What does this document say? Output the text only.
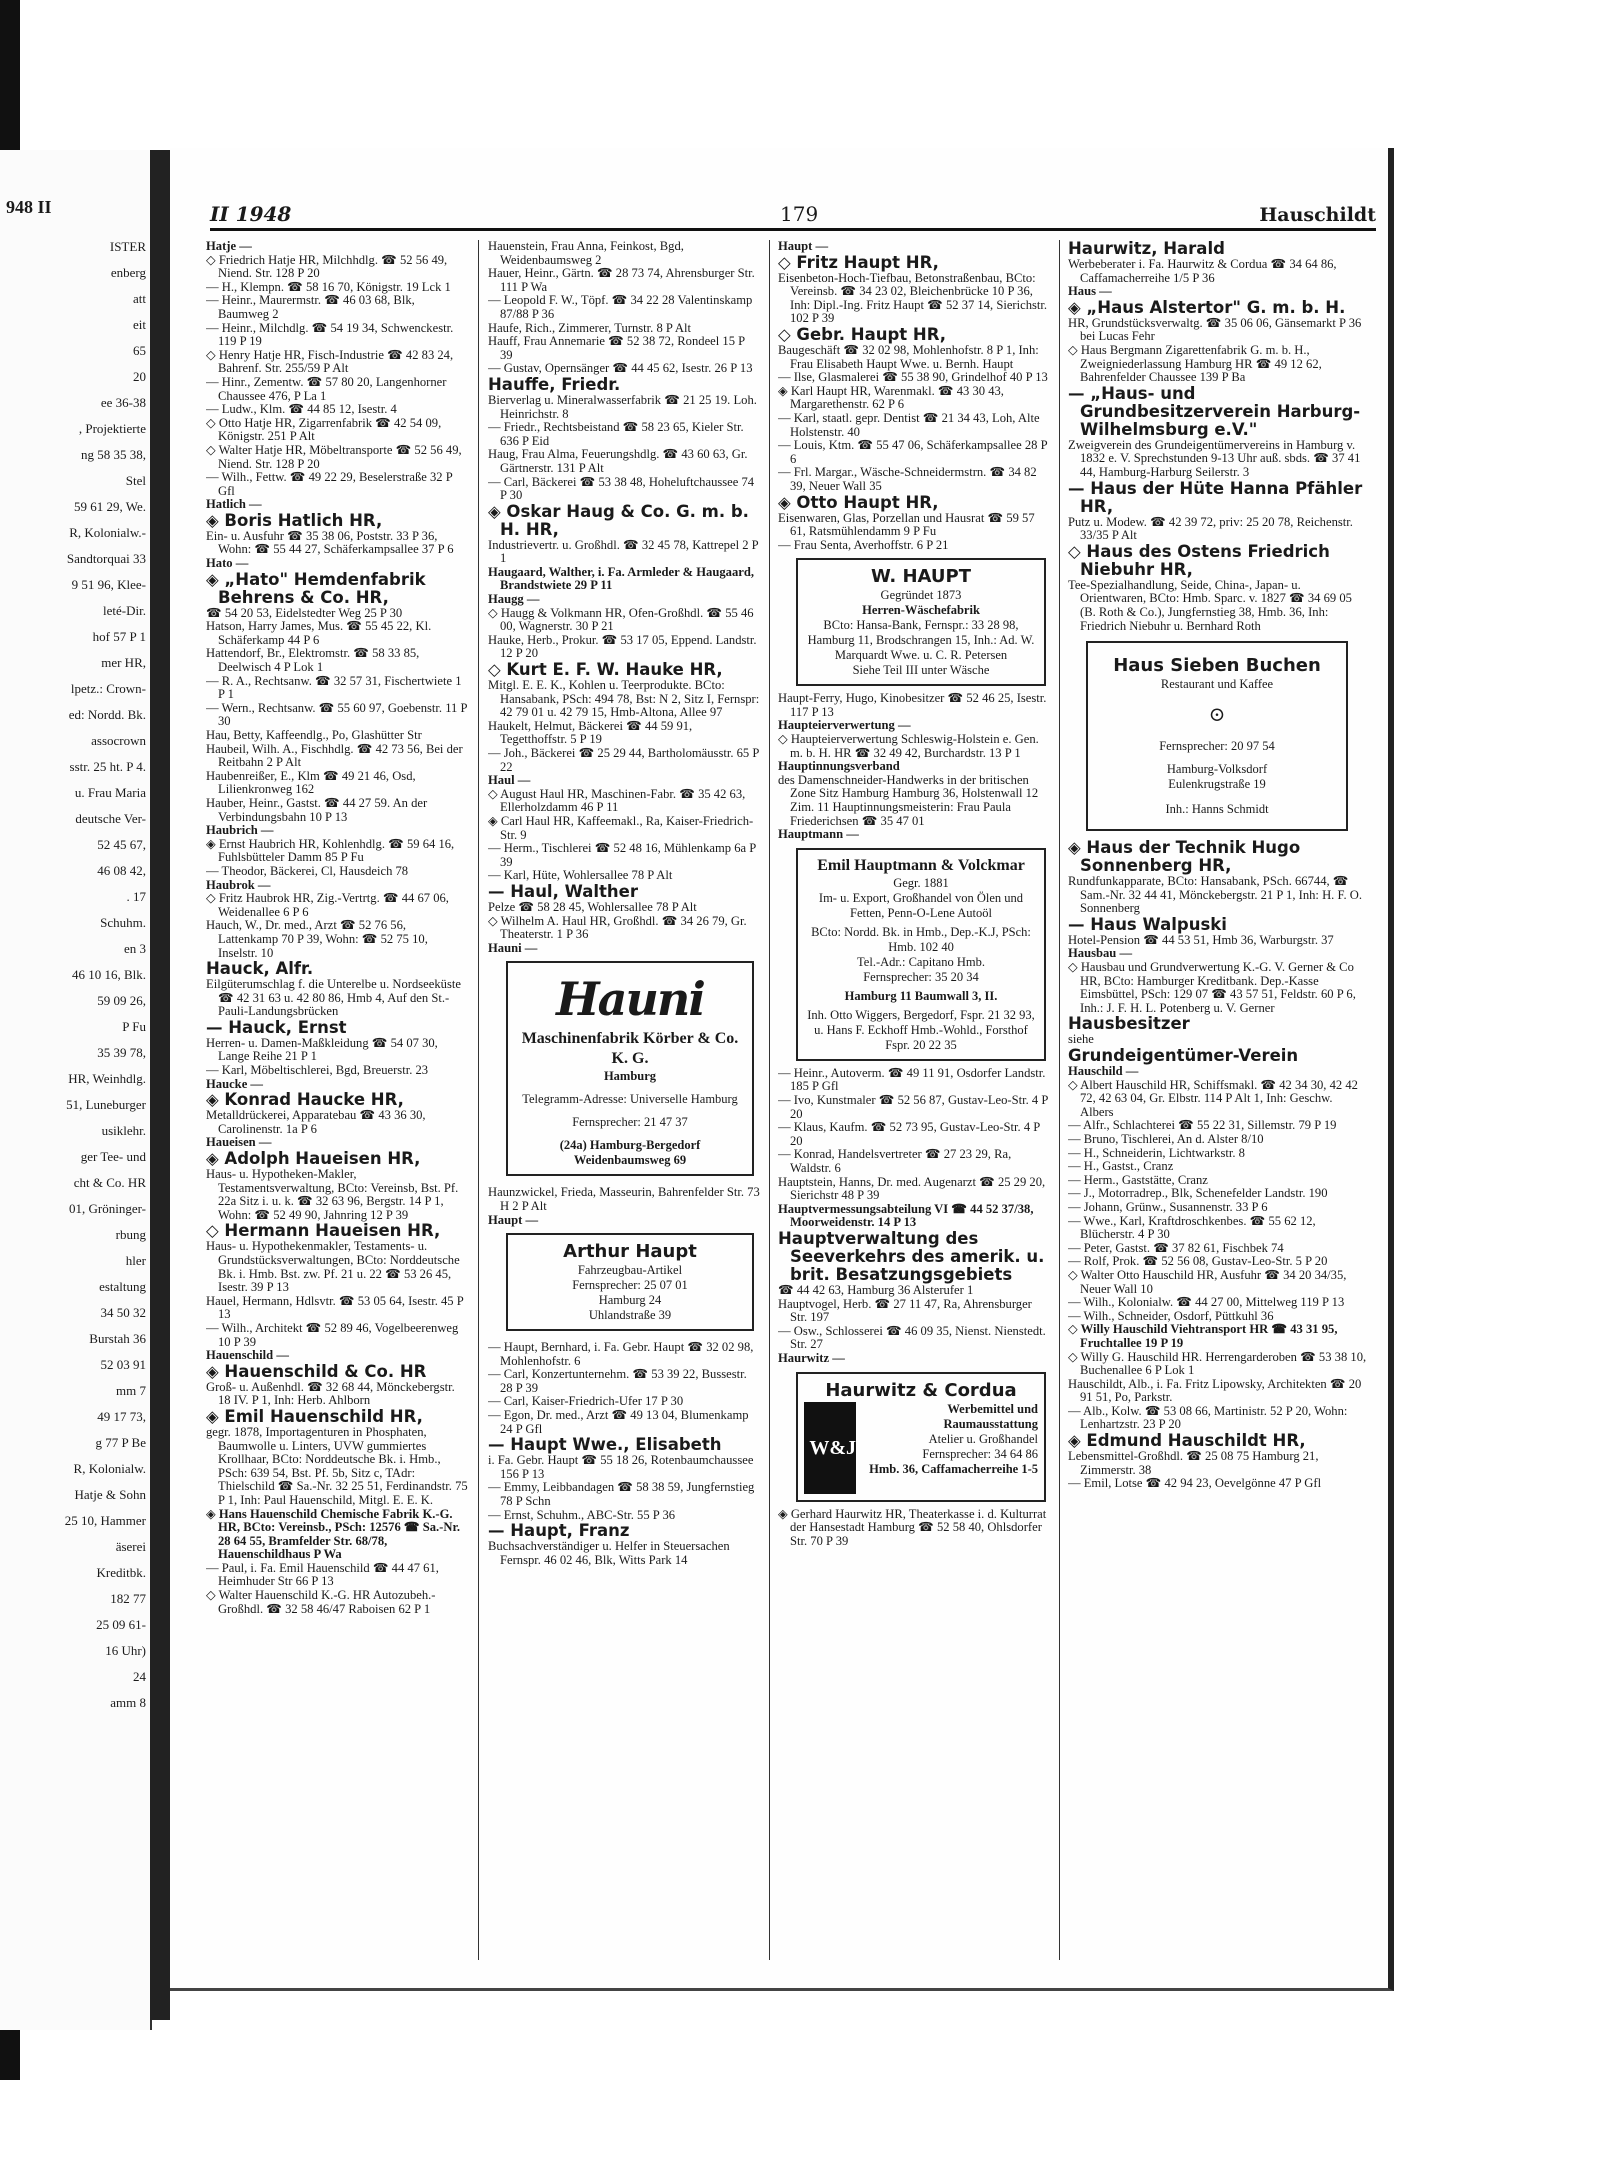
948 II
ISTER
enberg
att
eit
65
20
ee 36-38
, Projektierte
ng 58 35 38,
Stel
59 61 29, We.
R, Kolonialw.-
Sandtorquai 33
9 51 96, Klee-
leté-Dir.
hof 57 P 1
mer HR,
lpetz.: Crown-
ed: Nordd. Bk.
assocrown
sstr. 25 ht. P 4.
u. Frau Maria
deutsche Ver-
52 45 67,
46 08 42,
. 17
Schuhm.
en 3
46 10 16, Blk.
59 09 26,
P Fu
35 39 78,
HR, Weinhdlg.
51, Luneburger
usiklehr.
ger Tee- und
cht & Co. HR
01, Gröninger-
rbung
hler
estaltung
34 50 32
Burstah 36
52 03 91
mm 7
49 17 73,
g 77 P Be
R, Kolonialw.
Hatje & Sohn
25 10, Hammer
äserei
Kreditbk.
182 77
25 09 61-
16 Uhr)
24
amm 8
II 1948	179	Hauschildt

Hatje —

◇ Friedrich Hatje HR, Milchhdlg. ☎ 52 56 49, Niend. Str. 128 P 20

— H., Klempn. ☎ 58 16 70, Königstr. 19 Lck 1

— Heinr., Maurermstr. ☎ 46 03 68, Blk, Baumweg 2

— Heinr., Milchdlg. ☎ 54 19 34, Schwenckestr. 119 P 19

◇ Henry Hatje HR, Fisch-Industrie ☎ 42 83 24, Bahrenf. Str. 255/59 P Alt

— Hinr., Zementw. ☎ 57 80 20, Langenhorner Chaussee 476, P La 1

— Ludw., Klm. ☎ 44 85 12, Isestr. 4

◇ Otto Hatje HR, Zigarrenfabrik ☎ 42 54 09, Königstr. 251 P Alt

◇ Walter Hatje HR, Möbeltransporte ☎ 52 56 49, Niend. Str. 128 P 20

— Wilh., Fettw. ☎ 49 22 29, Beselerstraße 32 P Gfl

Hatlich —

◈ Boris Hatlich HR,

Ein- u. Ausfuhr ☎ 35 38 06, Poststr. 33 P 36, Wohn: ☎ 55 44 27, Schäferkampsallee 37 P 6

Hato —

◈ „Hato" Hemdenfabrik Behrens & Co. HR,

☎ 54 20 53, Eidelstedter Weg 25 P 30

Hatson, Harry James, Mus. ☎ 55 45 22, Kl. Schäferkamp 44 P 6

Hattendorf, Br., Elektromstr. ☎ 58 33 85, Deelwisch 4 P Lok 1

— R. A., Rechtsanw. ☎ 32 57 31, Fischertwiete 1 P 1

— Wern., Rechtsanw. ☎ 55 60 97, Goebenstr. 11 P 30

Hau, Betty, Kaffeendlg., Po, Glashütter Str

Haubeil, Wilh. A., Fischhdlg. ☎ 42 73 56, Bei der Reitbahn 2 P Alt

Haubenreißer, E., Klm ☎ 49 21 46, Osd, Lilienkronweg 162

Hauber, Heinr., Gastst. ☎ 44 27 59. An der Verbindungsbahn 10 P 13

Haubrich —

◈ Ernst Haubrich HR, Kohlenhdlg. ☎ 59 64 16, Fuhlsbütteler Damm 85 P Fu

— Theodor, Bäckerei, Cl, Hausdeich 78

Haubrok —

◇ Fritz Haubrok HR, Zig.-Vertrtg. ☎ 44 67 06, Weidenallee 6 P 6

Hauch, W., Dr. med., Arzt ☎ 52 76 56, Lattenkamp 70 P 39, Wohn: ☎ 52 75 10, Inselstr. 10

Hauck, Alfr.

Eilgüterumschlag f. die Unterelbe u. Nordseeküste ☎ 42 31 63 u. 42 80 86, Hmb 4, Auf den St.-Pauli-Landungsbrücken

— Hauck, Ernst

Herren- u. Damen-Maßkleidung ☎ 54 07 30, Lange Reihe 21 P 1

— Karl, Möbeltischlerei, Bgd, Breuerstr. 23

Haucke —

◈ Konrad Haucke HR,

Metalldrückerei, Apparatebau ☎ 43 36 30, Carolinenstr. 1a P 6

Haueisen —

◈ Adolph Haueisen HR,

Haus- u. Hypotheken-Makler, Testamentsverwaltung, BCto: Vereinsb, Bst. Pf. 22a Sitz i. u. k. ☎ 32 63 96, Bergstr. 14 P 1, Wohn: ☎ 52 49 90, Jahnring 12 P 39

◇ Hermann Haueisen HR,

Haus- u. Hypothekenmakler, Testaments- u. Grundstücksverwaltungen, BCto: Norddeutsche Bk. i. Hmb. Bst. zw. Pf. 21 u. 22 ☎ 53 26 45, Isestr. 39 P 13

Hauel, Hermann, Hdlsvtr. ☎ 53 05 64, Isestr. 45 P 13

— Wilh., Architekt ☎ 52 89 46, Vogelbeerenweg 10 P 39

Hauenschild —

◈ Hauenschild & Co. HR

Groß- u. Außenhdl. ☎ 32 68 44, Mönckebergstr. 18 IV. P 1, Inh: Herb. Ahlborn

◈ Emil Hauenschild HR,

gegr. 1878, Importagenturen in Phosphaten, Baumwolle u. Linters, UVW gummiertes Krollhaar, BCto: Norddeutsche Bk. i. Hmb., PSch: 639 54, Bst. Pf. 5b, Sitz c, TAdr: Thielschild ☎ Sa.-Nr. 32 25 51, Ferdinandstr. 75 P 1, Inh: Paul Hauenschild, Mitgl. E. E. K.

◈ Hans Hauenschild Chemische Fabrik K.-G. HR, BCto: Vereinsb., PSch: 12576 ☎ Sa.-Nr. 28 64 55, Bramfelder Str. 68/78, Hauenschildhaus P Wa

— Paul, i. Fa. Emil Hauenschild ☎ 44 47 61, Heimhuder Str 66 P 13

◇ Walter Hauenschild K.-G. HR Autozubeh.-Großhdl. ☎ 32 58 46/47 Raboisen 62 P 1

Hauenstein, Frau Anna, Feinkost, Bgd, Weidenbaumsweg 2

Hauer, Heinr., Gärtn. ☎ 28 73 74, Ahrensburger Str. 111 P Wa

— Leopold F. W., Töpf. ☎ 34 22 28 Valentinskamp 87/88 P 36

Haufe, Rich., Zimmerer, Turnstr. 8 P Alt

Hauff, Frau Annemarie ☎ 52 38 72, Rondeel 15 P 39

— Gustav, Opernsänger ☎ 44 45 62, Isestr. 26 P 13

Hauffe, Friedr.

Bierverlag u. Mineralwasserfabrik ☎ 21 25 19. Loh. Heinrichstr. 8

— Friedr., Rechtsbeistand ☎ 58 23 65, Kieler Str. 636 P Eid

Haug, Frau Alma, Feuerungshdlg. ☎ 43 60 63, Gr. Gärtnerstr. 131 P Alt

— Carl, Bäckerei ☎ 53 38 48, Hoheluftchaussee 74 P 30

◈ Oskar Haug & Co. G. m. b. H. HR,

Industrievertr. u. Großhdl. ☎ 32 45 78, Kattrepel 2 P 1

Haugaard, Walther, i. Fa. Armleder & Haugaard, Brandstwiete 29 P 11

Haugg —

◇ Haugg & Volkmann HR, Ofen-Großhdl. ☎ 55 46 00, Wagnerstr. 30 P 21

Hauke, Herb., Prokur. ☎ 53 17 05, Eppend. Landstr. 12 P 20

◇ Kurt E. F. W. Hauke HR,

Mitgl. E. E. K., Kohlen u. Teerprodukte. BCto: Hansabank, PSch: 494 78, Bst: N 2, Sitz I, Fernspr: 42 79 01 u. 42 79 15, Hmb-Altona, Allee 97

Haukelt, Helmut, Bäckerei ☎ 44 59 91, Tegetthoffstr. 5 P 19

— Joh., Bäckerei ☎ 25 29 44, Bartholomäusstr. 65 P 22

Haul —

◇ August Haul HR, Maschinen-Fabr. ☎ 35 42 63, Ellerholzdamm 46 P 11

◈ Carl Haul HR, Kaffeemakl., Ra, Kaiser-Friedrich-Str. 9

— Herm., Tischlerei ☎ 52 48 16, Mühlenkamp 6a P 39

— Karl, Hüte, Wohlersallee 78 P Alt

— Haul, Walther

Pelze ☎ 58 28 45, Wohlersallee 78 P Alt

◇ Wilhelm A. Haul HR, Großhdl. ☎ 34 26 79, Gr. Theaterstr. 1 P 36

Hauni —

Hauni
Maschinenfabrik Körber & Co. K. G.
Hamburg
Telegramm-Adresse: Universelle Hamburg
Fernsprecher: 21 47 37
(24a) Hamburg-Bergedorf Weidenbaumsweg 69

Haunzwickel, Frieda, Masseurin, Bahrenfelder Str. 73 H 2 P Alt

Haupt —

Arthur Haupt
Fahrzeugbau-Artikel
Fernsprecher: 25 07 01
Hamburg 24
Uhlandstraße 39

— Haupt, Bernhard, i. Fa. Gebr. Haupt ☎ 32 02 98, Mohlenhofstr. 6

— Carl, Konzertunternehm. ☎ 53 39 22, Bussestr. 28 P 39

— Carl, Kaiser-Friedrich-Ufer 17 P 30

— Egon, Dr. med., Arzt ☎ 49 13 04, Blumenkamp 24 P Gfl

— Haupt Wwe., Elisabeth

i. Fa. Gebr. Haupt ☎ 55 18 26, Rotenbaumchaussee 156 P 13

— Emmy, Leibbandagen ☎ 58 38 59, Jungfernstieg 78 P Schn

— Ernst, Schuhm., ABC-Str. 55 P 36

— Haupt, Franz

Buchsachverständiger u. Helfer in Steuersachen Fernspr. 46 02 46, Blk, Witts Park 14

Haupt —

◇ Fritz Haupt HR,

Eisenbeton-Hoch-Tiefbau, Betonstraßenbau, BCto: Vereinsb. ☎ 34 23 02, Bleichenbrücke 10 P 36, Inh: Dipl.-Ing. Fritz Haupt ☎ 52 37 14, Sierichstr. 102 P 39

◇ Gebr. Haupt HR,

Baugeschäft ☎ 32 02 98, Mohlenhofstr. 8 P 1, Inh: Frau Elisabeth Haupt Wwe. u. Bernh. Haupt

— Ilse, Glasmalerei ☎ 55 38 90, Grindelhof 40 P 13

◈ Karl Haupt HR, Warenmakl. ☎ 43 30 43, Margarethenstr. 62 P 6

— Karl, staatl. gepr. Dentist ☎ 21 34 43, Loh, Alte Holstenstr. 40

— Louis, Ktm. ☎ 55 47 06, Schäferkampsallee 28 P 6

— Frl. Margar., Wäsche-Schneidermstrn. ☎ 34 82 39, Neuer Wall 35

◈ Otto Haupt HR,

Eisenwaren, Glas, Porzellan und Hausrat ☎ 59 57 61, Ratsmühlendamm 9 P Fu

— Frau Senta, Averhoffstr. 6 P 21

W. HAUPT
Gegründet 1873
Herren-Wäschefabrik
BCto: Hansa-Bank, Fernspr.: 33 28 98, Hamburg 11, Brodschrangen 15, Inh.: Ad. W. Marquardt Wwe. u. C. R. Petersen
Siehe Teil III unter Wäsche

Haupt-Ferry, Hugo, Kinobesitzer ☎ 52 46 25, Isestr. 117 P 13

Haupteierverwertung —

◇ Haupteierverwertung Schleswig-Holstein e. Gen. m. b. H. HR ☎ 32 49 42, Burchardstr. 13 P 1

Hauptinnungsverband

des Damenschneider-Handwerks in der britischen Zone Sitz Hamburg Hamburg 36, Holstenwall 12 Zim. 11 Hauptinnungsmeisterin: Frau Paula Friederichsen ☎ 35 47 01

Hauptmann —

Emil Hauptmann & Volckmar
Gegr. 1881
Im- u. Export, Großhandel von Ölen und Fetten, Penn-O-Lene Autoöl
BCto: Nordd. Bk. in Hmb., Dep.-K.J, PSch: Hmb. 102 40
Tel.-Adr.: Capitano Hmb.
Fernsprecher: 35 20 34
Hamburg 11 Baumwall 3, II.
Inh. Otto Wiggers, Bergedorf, Fspr. 21 32 93, u. Hans F. Eckhoff Hmb.-Wohld., Forsthof Fspr. 20 22 35

— Heinr., Autoverm. ☎ 49 11 91, Osdorfer Landstr. 185 P Gfl

— Ivo, Kunstmaler ☎ 52 56 87, Gustav-Leo-Str. 4 P 20

— Klaus, Kaufm. ☎ 52 73 95, Gustav-Leo-Str. 4 P 20

— Konrad, Handelsvertreter ☎ 27 23 29, Ra, Waldstr. 6

Hauptstein, Hanns, Dr. med. Augenarzt ☎ 25 29 20, Sierichstr 48 P 39

Hauptvermessungsabteilung VI ☎ 44 52 37/38, Moorweidenstr. 14 P 13

Hauptverwaltung des Seeverkehrs des amerik. u. brit. Besatzungsgebiets

☎ 44 42 63, Hamburg 36 Alsterufer 1

Hauptvogel, Herb. ☎ 27 11 47, Ra, Ahrensburger Str. 197

— Osw., Schlosserei ☎ 46 09 35, Nienst. Nienstedt. Str. 27

Haurwitz —

Haurwitz & Cordua
W&J
Werbemittel und Raumausstattung
Atelier u. Großhandel
Fernsprecher: 34 64 86
Hmb. 36, Caffamacherreihe 1-5

◈ Gerhard Haurwitz HR, Theaterkasse i. d. Kulturrat der Hansestadt Hamburg ☎ 52 58 40, Ohlsdorfer Str. 70 P 39

Haurwitz, Harald

Werbeberater i. Fa. Haurwitz & Cordua ☎ 34 64 86, Caffamacherreihe 1/5 P 36

Haus —

◈ „Haus Alstertor" G. m. b. H.

HR, Grundstücksverwaltg. ☎ 35 06 06, Gänsemarkt P 36 bei Lucas Fehr

◇ Haus Bergmann Zigarettenfabrik G. m. b. H., Zweigniederlassung Hamburg HR ☎ 49 12 62, Bahrenfelder Chaussee 139 P Ba

— „Haus- und Grundbesitzerverein Harburg-Wilhelmsburg e.V."

Zweigverein des Grundeigentümervereins in Hamburg v. 1832 e. V. Sprechstunden 9-13 Uhr auß. sbds. ☎ 37 41 44, Hamburg-Harburg Seilerstr. 3

— Haus der Hüte Hanna Pfähler HR,

Putz u. Modew. ☎ 42 39 72, priv: 25 20 78, Reichenstr. 33/35 P Alt

◇ Haus des Ostens Friedrich Niebuhr HR,

Tee-Spezialhandlung, Seide, China-, Japan- u. Orientwaren, BCto: Hmb. Sparc. v. 1827 ☎ 34 69 05 (B. Roth & Co.), Jungfernstieg 38, Hmb. 36, Inh: Friedrich Niebuhr u. Bernhard Roth

Haus Sieben Buchen
Restaurant und Kaffee
⊙
Fernsprecher: 20 97 54
Hamburg-Volksdorf
Eulenkrugstraße 19
Inh.: Hanns Schmidt

◈ Haus der Technik Hugo Sonnenberg HR,

Rundfunkapparate, BCto: Hansabank, PSch. 66744, ☎ Sam.-Nr. 32 44 41, Mönckebergstr. 21 P 1, Inh: H. F. O. Sonnenberg

— Haus Walpuski

Hotel-Pension ☎ 44 53 51, Hmb 36, Warburgstr. 37

Hausbau —

◇ Hausbau und Grundverwertung K.-G. V. Gerner & Co HR, BCto: Hamburger Kreditbank. Dep.-Kasse Eimsbüttel, PSch: 129 07 ☎ 43 57 51, Feldstr. 60 P 6, Inh.: J. F. H. L. Potenberg u. V. Gerner

Hausbesitzer

siehe

Grundeigentümer-Verein

Hauschild —

◇ Albert Hauschild HR, Schiffsmakl. ☎ 42 34 30, 42 42 72, 42 63 04, Gr. Elbstr. 114 P Alt 1, Inh: Geschw. Albers

— Alfr., Schlachterei ☎ 55 22 31, Sillemstr. 79 P 19

— Bruno, Tischlerei, An d. Alster 8/10

— H., Schneiderin, Lichtwarkstr. 8

— H., Gastst., Cranz

— Herm., Gaststätte, Cranz

— J., Motorradrep., Blk, Schenefelder Landstr. 190

— Johann, Grünw., Susannenstr. 33 P 6

— Wwe., Karl, Kraftdroschkenbes. ☎ 55 62 12, Blücherstr. 4 P 30

— Peter, Gastst. ☎ 37 82 61, Fischbek 74

— Rolf, Prok. ☎ 52 56 08, Gustav-Leo-Str. 5 P 20

◇ Walter Otto Hauschild HR, Ausfuhr ☎ 34 20 34/35, Neuer Wall 10

— Wilh., Kolonialw. ☎ 44 27 00, Mittelweg 119 P 13

— Wilh., Schneider, Osdorf, Püttkuhl 36

◇ Willy Hauschild Viehtransport HR ☎ 43 31 95, Fruchtallee 19 P 19

◇ Willy G. Hauschild HR. Herrengarderoben ☎ 53 38 10, Buchenallee 6 P Lok 1

Hauschildt, Alb., i. Fa. Fritz Lipowsky, Architekten ☎ 20 91 51, Po, Parkstr.

— Alb., Kolw. ☎ 53 08 66, Martinistr. 52 P 20, Wohn: Lenhartzstr. 23 P 20

◈ Edmund Hauschildt HR,

Lebensmittel-Großhdl. ☎ 25 08 75 Hamburg 21, Zimmerstr. 38

— Emil, Lotse ☎ 42 94 23, Oevelgönne 47 P Gfl
